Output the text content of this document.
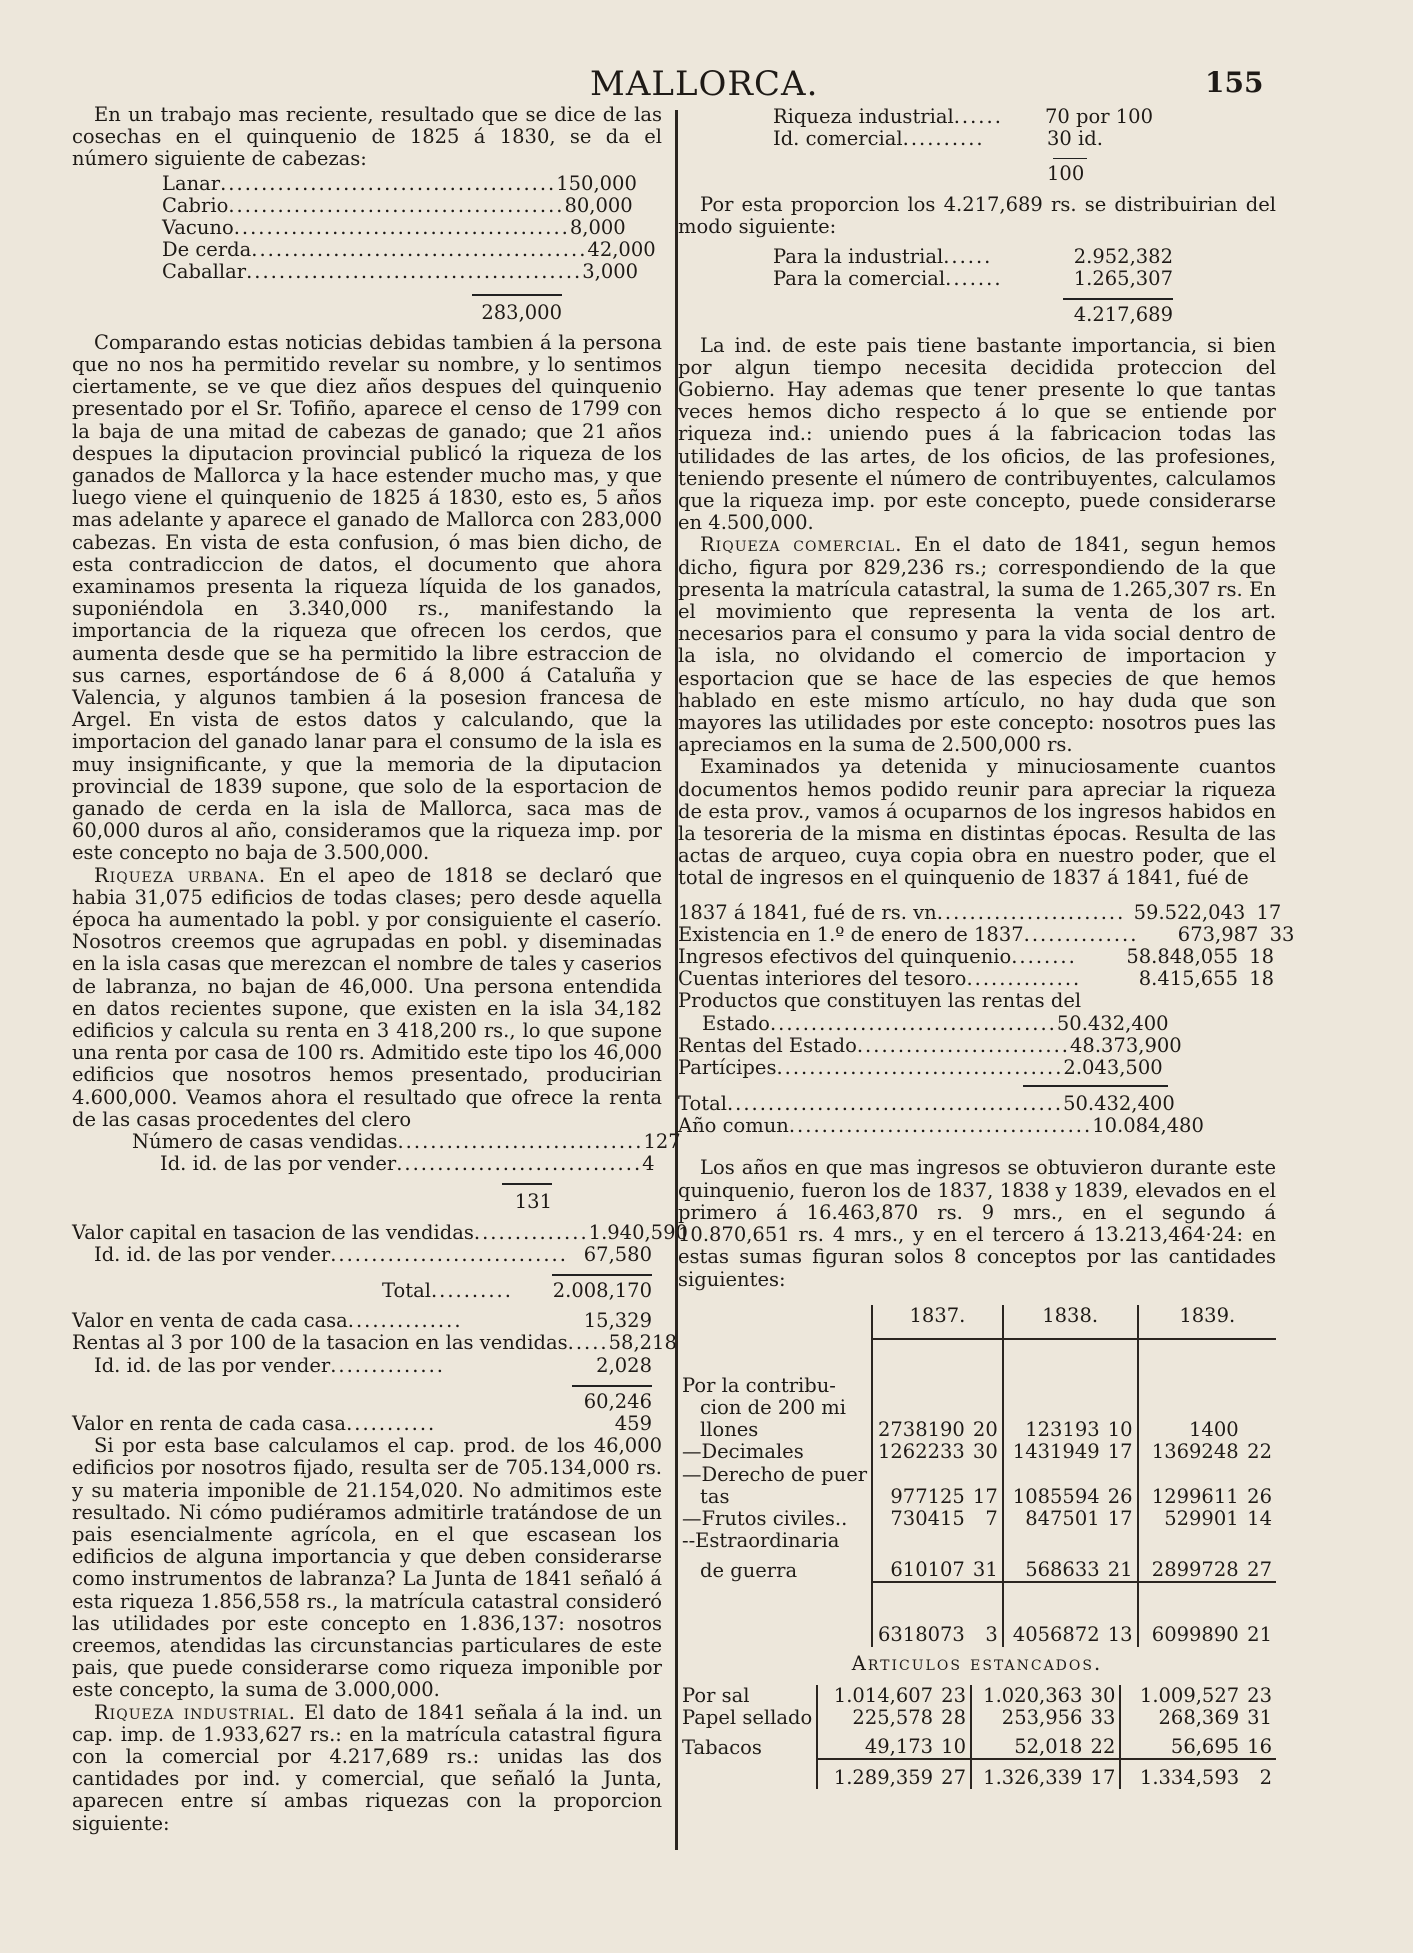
MALLORCA.	155

En un trabajo mas reciente, resultado que se dice de las cosechas en el quinquenio de 1825 á 1830, se da el número siguiente de cabezas:

Lanar ......................................... 150,000
Cabrio ......................................... 80,000
Vacuno ......................................... 8,000
De cerda ......................................... 42,000
Caballar ......................................... 3,000
283,000

Comparando estas noticias debidas tambien á la persona que no nos ha permitido revelar su nombre, y lo sentimos ciertamente, se ve que diez años despues del quinquenio presentado por el Sr. Tofiño, aparece el censo de 1799 con la baja de una mitad de cabezas de ganado; que 21 años despues la diputacion provincial publicó la riqueza de los ganados de Mallorca y la hace estender mucho mas, y que luego viene el quinquenio de 1825 á 1830, esto es, 5 años mas adelante y aparece el ganado de Mallorca con 283,000 cabezas. En vista de esta confusion, ó mas bien dicho, de esta contradiccion de datos, el documento que ahora examinamos presenta la riqueza líquida de los ganados, suponiéndola en 3.340,000 rs., manifestando la importancia de la riqueza que ofrecen los cerdos, que aumenta desde que se ha permitido la libre estraccion de sus carnes, esportándose de 6 á 8,000 á Cataluña y Valencia, y algunos tambien á la posesion francesa de Argel. En vista de estos datos y calculando, que la importacion del ganado lanar para el consumo de la isla es muy insignificante, y que la memoria de la diputacion provincial de 1839 supone, que solo de la esportacion de ganado de cerda en la isla de Mallorca, saca mas de 60,000 duros al año, consideramos que la riqueza imp. por este concepto no baja de 3.500,000.

Riqueza urbana. En el apeo de 1818 se declaró que habia 31,075 edificios de todas clases; pero desde aquella época ha aumentado la pobl. y por consiguiente el caserío. Nosotros creemos que agrupadas en pobl. y diseminadas en la isla casas que merezcan el nombre de tales y caserios de labranza, no bajan de 46,000. Una persona entendida en datos recientes supone, que existen en la isla 34,182 edificios y calcula su renta en 3 418,200 rs., lo que supone una renta por casa de 100 rs. Admitido este tipo los 46,000 edificios que nosotros hemos presentado, producirian 4.600,000. Veamos ahora el resultado que ofrece la renta de las casas procedentes del clero

Número de casas vendidas .............................. 127
Id. id. de las por vender .............................. 4
131
Valor capital en tasacion de las vendidas .............. 1.940,590
Id. id. de las por vender ............................. 67,580
Total ..........	2.008,170
Valor en venta de cada casa ..............	15,329
Rentas al 3 por 100 de la tasacion en las vendidas ..... 58,218
Id. id. de las por vender ..............	2,028
60,246
Valor en renta de cada casa ...........	459

Si por esta base calculamos el cap. prod. de los 46,000 edificios por nosotros fijado, resulta ser de 705.134,000 rs. y su materia imponible de 21.154,020. No admitimos este resultado. Ni cómo pudiéramos admitirle tratándose de un pais esencialmente agrícola, en el que escasean los edificios de alguna importancia y que deben considerarse como instrumentos de labranza? La Junta de 1841 señaló á esta riqueza 1.856,558 rs., la matrícula catastral consideró las utilidades por este concepto en 1.836,137: nosotros creemos, atendidas las circunstancias particulares de este pais, que puede considerarse como riqueza imponible por este concepto, la suma de 3.000,000.

Riqueza industrial. El dato de 1841 señala á la ind. un cap. imp. de 1.933,627 rs.: en la matrícula catastral figura con la comercial por 4.217,689 rs.: unidas las dos cantidades por ind. y comercial, que señaló la Junta, aparecen entre sí ambas riquezas con la proporcion siguiente:

Riqueza industrial ......	70 por 100
Id. comercial ..........	30 id.
100

Por esta proporcion los 4.217,689 rs. se distribuirian del modo siguiente:

Para la industrial ......	2.952,382
Para la comercial .......	1.265,307
4.217,689

La ind. de este pais tiene bastante importancia, si bien por algun tiempo necesita decidida proteccion del Gobierno. Hay ademas que tener presente lo que tantas veces hemos dicho respecto á lo que se entiende por riqueza ind.: uniendo pues á la fabricacion todas las utilidades de las artes, de los oficios, de las profesiones, teniendo presente el número de contribuyentes, calculamos que la riqueza imp. por este concepto, puede considerarse en 4.500,000.

Riqueza comercial. En el dato de 1841, segun hemos dicho, figura por 829,236 rs.; correspondiendo de la que presenta la matrícula catastral, la suma de 1.265,307 rs. En el movimiento que representa la venta de los art. necesarios para el consumo y para la vida social dentro de la isla, no olvidando el comercio de importacion y esportacion que se hace de las especies de que hemos hablado en este mismo artículo, no hay duda que son mayores las utilidades por este concepto: nosotros pues las apreciamos en la suma de 2.500,000 rs.

Examinados ya detenida y minuciosamente cuantos documentos hemos podido reunir para apreciar la riqueza de esta prov., vamos á ocuparnos de los ingresos habidos en la tesoreria de la misma en distintas épocas. Resulta de las actas de arqueo, cuya copia obra en nuestro poder, que el total de ingresos en el quinquenio de 1837 á 1841, fué de

1837 á 1841, fué de rs. vn ....................... 59.522,043 17
Existencia en 1.º de enero de 1837 ..............	673,987 33
Ingresos efectivos del quinquenio ........	58.848,055 18
Cuentas interiores del tesoro ..............	8.415,655 18
Productos que constituyen las rentas del
Estado ................................... 50.432,400
Rentas del Estado .......................... 48.373,900
Partícipes ................................... 2.043,500
Total ......................................... 50.432,400
Año comun ..................................... 10.084,480

Los años en que mas ingresos se obtuvieron durante este quinquenio, fueron los de 1837, 1838 y 1839, elevados en el primero á 16.463,870 rs. 9 mrs., en el segundo á 10.870,651 rs. 4 mrs., y en el tercero á 13.213,464·24: en estas sumas figuran solos 8 conceptos por las cantidades siguientes:

	1837.		1838.		1839.	

Por la contribu-						
cion de 200 mi						
llones	2738190	20	123193	10	1400	
—Decimales	1262233	30	1431949	17	1369248	22
—Derecho de puer						
tas	977125	17	1085594	26	1299611	26
—Frutos civiles..	730415	7	847501	17	529901	14
--Estraordinaria						
de guerra	610107	31	568633	21	2899728	27

	6318073	3	4056872	13	6099890	21
Articulos estancados.
Por sal	1.014,607	23	1.020,363	30	1.009,527	23
Papel sellado	225,578	28	253,956	33	268,369	31
Tabacos	49,173	10	52,018	22	56,695	16
	1.289,359	27	1.326,339	17	1.334,593	2
